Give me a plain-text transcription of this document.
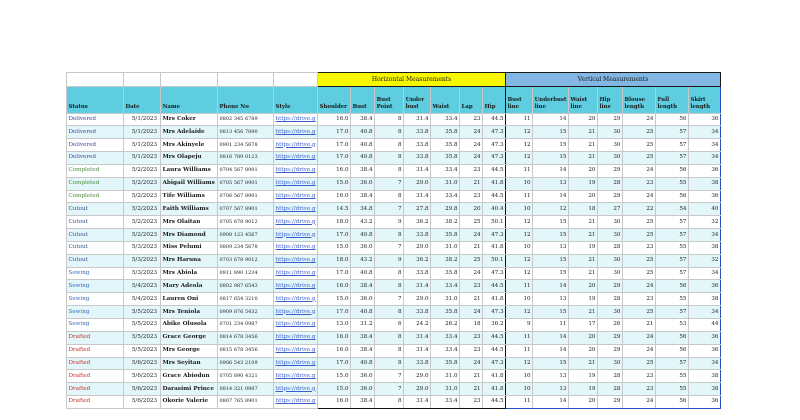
					Horizontal Measurements							Vertical Measurements						
Status	Date	Name	Phone No	Style	Shoulder	Bust	Bust Point	Under bust	Waist	Lap	Hip	Bust line	Underbust line	Waist line	Hip line	Blouse length	Full length	Skirt length
Delivered	5/1/2023	Mrs Coker	0802 345 6789	https://drive.g	16.0	38.4	8	31.4	33.4	23	44.5	11	14	20	29	24	56	36
Delivered	5/1/2023	Mrs Adelaide	0813 456 7890	https://drive.g	17.0	40.8	8	33.8	35.8	24	47.3	12	15	21	30	25	57	34
Delivered	5/1/2023	Mrs Akinyele	0901 234 5678	https://drive.g	17.0	40.8	8	33.8	35.8	24	47.3	12	15	21	30	25	57	34
Delivered	5/1/2023	Mrs Olapeju	0816 789 0123	https://drive.g	17.0	40.8	8	33.8	35.8	24	47.3	12	15	21	30	25	57	34
Completed	5/2/2023	Laura Williams	0704 567 8901	https://drive.g	16.0	38.4	8	31.4	33.4	23	44.5	11	14	20	29	24	56	36
Completed	5/2/2023	Abigail Williams	0705 567 8901	https://drive.g	15.0	36.0	7	29.0	31.0	21	41.8	10	13	19	28	23	55	38
Completed	5/2/2023	Tife Williams	0706 567 8901	https://drive.g	16.0	38.4	8	31.4	33.4	23	44.5	11	14	20	29	24	56	36
Cutout	5/2/2023	Faith Williams	0707 567 8901	https://drive.g	14.5	34.8	7	27.8	29.8	20	40.4	10	12	18	27	22	54	40
Cutout	5/2/2023	Mrs Olaitan	0705 678 9012	https://drive.g	18.0	43.2	9	36.2	38.2	25	50.1	12	15	21	30	25	57	32
Cutout	5/2/2023	Mrs Diamond	0908 123 4567	https://drive.g	17.0	40.8	8	33.8	35.8	24	47.3	12	15	21	30	25	57	34
Cutout	5/3/2023	Miss Pelumi	0809 234 5678	https://drive.g	15.0	36.0	7	29.0	31.0	21	41.8	10	13	19	28	23	55	38
Cutout	5/3/2023	Mrs Haruna	0703 678 9012	https://drive.g	18.0	43.2	9	36.2	38.2	25	50.1	12	15	21	30	25	57	32
Sewing	5/3/2023	Mrs Abiola	0911 890 1234	https://drive.g	17.0	40.8	8	33.8	35.8	24	47.3	12	15	21	30	25	57	34
Sewing	5/4/2023	Mary Adeola	0802 987 6543	https://drive.g	16.0	38.4	8	31.4	33.4	23	44.5	11	14	20	29	24	56	36
Sewing	5/4/2023	Lauren Oni	0817 654 3210	https://drive.g	15.0	36.0	7	29.0	31.0	21	41.8	10	13	19	28	23	55	38
Sewing	5/5/2023	Mrs Teniola	0909 876 5432	https://drive.g	17.0	40.8	8	33.8	35.8	24	47.3	12	15	21	30	25	57	34
Sewing	5/5/2023	Abike Olusola	0701 234 0987	https://drive.g	13.0	31.2	6	24.2	26.2	18	36.2	9	11	17	26	21	53	44
Drafted	5/5/2023	Grace George	0814 678 3456	https://drive.g	16.0	38.4	8	31.4	33.4	23	44.5	11	14	20	29	24	56	36
Drafted	5/5/2023	Mrs George	0815 678 3456	https://drive.g	16.0	38.4	8	31.4	33.4	23	44.5	11	14	20	29	24	56	36
Drafted	5/6/2023	Mrs Seyitan	0906 543 2109	https://drive.g	17.0	40.8	8	33.8	35.8	24	47.3	12	15	21	30	25	57	34
Drafted	5/6/2023	Grace Abiodun	0705 890 4321	https://drive.g	15.0	36.0	7	29.0	31.0	21	41.8	10	13	19	28	23	55	38
Drafted	5/6/2023	Darasimi Prince	0814 321 0987	https://drive.g	15.0	36.0	7	29.0	31.0	21	41.8	10	13	19	28	23	55	38
Drafted	5/6/2023	Okorie Valerie	0807 765 8901	https://drive.g	16.0	38.4	8	31.4	33.4	23	44.5	11	14	20	29	24	56	36
